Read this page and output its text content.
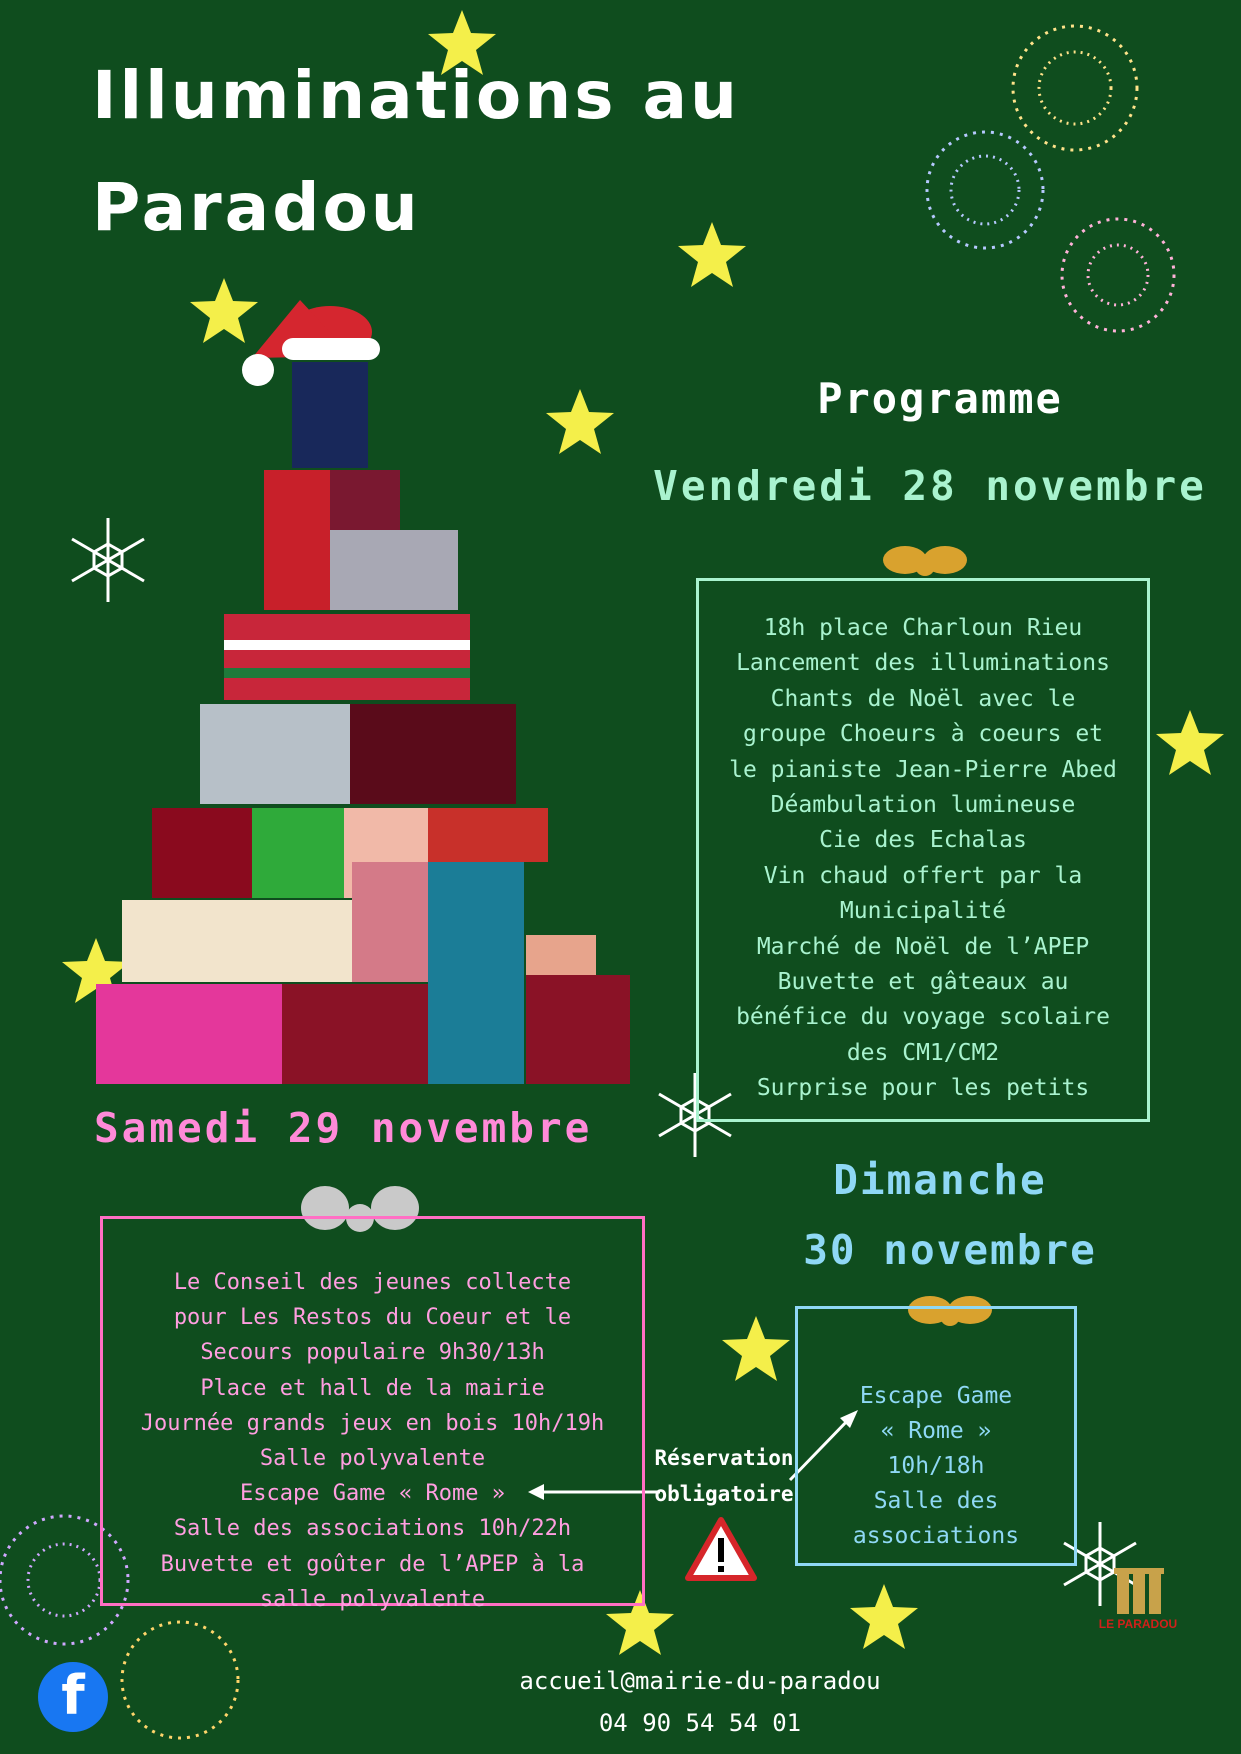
Illuminations au
Paradou
Programme
Vendredi 28 novembre
18h place Charloun Rieu
Lancement des illuminations
Chants de Noël avec le
groupe Choeurs à coeurs et
le pianiste Jean-Pierre Abed
Déambulation lumineuse
Cie des Echalas
Vin chaud offert par la
Municipalité
Marché de Noël de l’APEP
Buvette et gâteaux au
bénéfice du voyage scolaire
des CM1/CM2
Surprise pour les petits
Samedi 29 novembre
Le Conseil des jeunes collecte
pour Les Restos du Coeur et le
Secours populaire 9h30/13h
Place et hall de la mairie
Journée grands jeux en bois 10h/19h
Salle polyvalente
Escape Game « Rome »
Salle des associations 10h/22h
Buvette et goûter de l’APEP à la
salle polyvalente
Dimanche
30 novembre
Escape Game
« Rome »
10h/18h
Salle des
associations
Réservation
obligatoire
accueil@mairie-du-paradou
04 90 54 54 01
f
LE PARADOU
